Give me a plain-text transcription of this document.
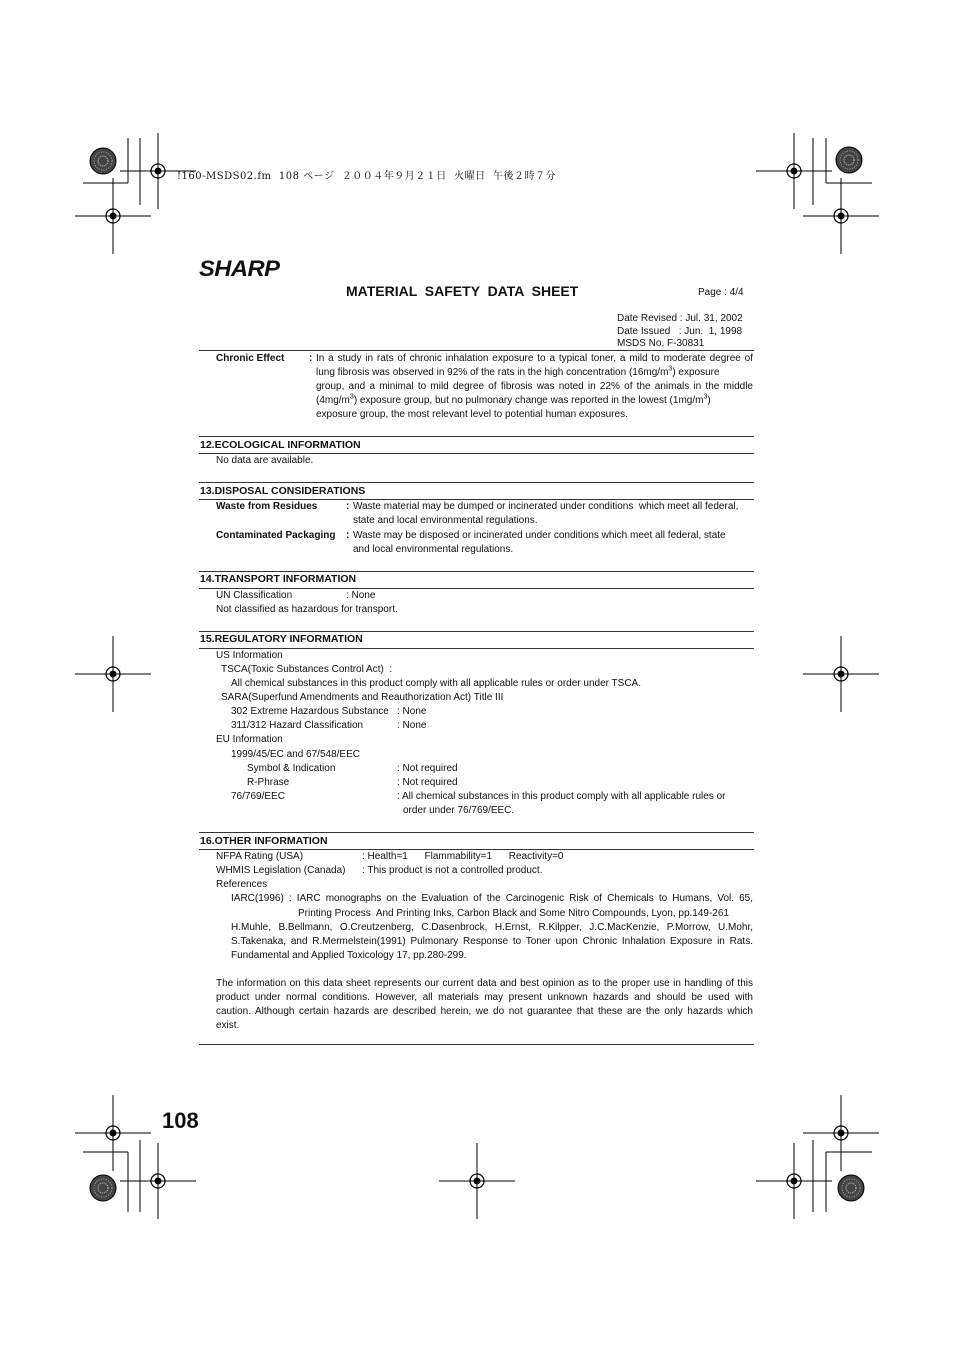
!160-MSDS02.fm  108 ページ  ２００４年９月２１日  火曜日  午後２時７分
SHARP
MATERIAL  SAFETY  DATA  SHEET	Page : 4/4
Date Revised : Jul. 31, 2002
Date Issued   : Jun.  1, 1998
MSDS No. F-30831
Chronic Effect : In a study in rats of chronic inhalation exposure to a typical toner, a mild to moderate degree of
lung fibrosis was observed in 92% of the rats in the high concentration $(16mg/m^3)$ exposure
group, and a minimal to mild degree of fibrosis was noted in 22% of the animals in the middle
$(4mg/m^3)$ exposure group, but no pulmonary change was reported in the lowest $(1mg/m^3)$
exposure group, the most relevant level to potential human exposures.
12.ECOLOGICAL INFORMATION
No data are available.
13.DISPOSAL CONSIDERATIONS
Waste from Residues	: Waste material may be dumped or incinerated under conditions  which meet all federal,
state and local environmental regulations.
Contaminated Packaging : Waste may be disposed or incinerated under conditions which meet all federal, state
and local environmental regulations.
14.TRANSPORT INFORMATION
UN Classification	: None
Not classified as hazardous for transport.
15.REGULATORY INFORMATION
US Information
TSCA(Toxic Substances Control Act)  :
All chemical substances in this product comply with all applicable rules or order under TSCA.
SARA(Superfund Amendments and Reauthorization Act) Title III
302 Extreme Hazardous Substance : None
311/312 Hazard Classification	: None
EU Information
1999/45/EC and 67/548/EEC
Symbol & Indication	: Not required
R-Phrase	: Not required
76/769/EEC	: All chemical substances in this product comply with all applicable rules or
order under 76/769/EEC.
16.OTHER INFORMATION
NFPA Rating (USA)	: Health=1      Flammability=1      Reactivity=0
WHMIS Legislation (Canada) : This product is not a controlled product.
References
IARC(1996) : IARC monographs on the Evaluation of the Carcinogenic Risk of Chemicals to Humans, Vol. 65,
Printing Process  And Printing Inks, Carbon Black and Some Nitro Compounds, Lyon, pp.149-261
H.Muhle, B.Bellmann, O.Creutzenberg, C.Dasenbrock, H.Ernst, R.Kilpper, J.C.MacKenzie, P.Morrow, U.Mohr,
S.Takenaka, and R.Mermelstein(1991) Pulmonary Response to Toner upon Chronic Inhalation Exposure in Rats.
Fundamental and Applied Toxicology 17, pp.280-299.
The information on this data sheet represents our current data and best opinion as to the proper use in handling of this
product under normal conditions. However, all materials may present unknown hazards and should be used with
caution. Although certain hazards are described herein, we do not guarantee that these are the only hazards which
exist.
108
